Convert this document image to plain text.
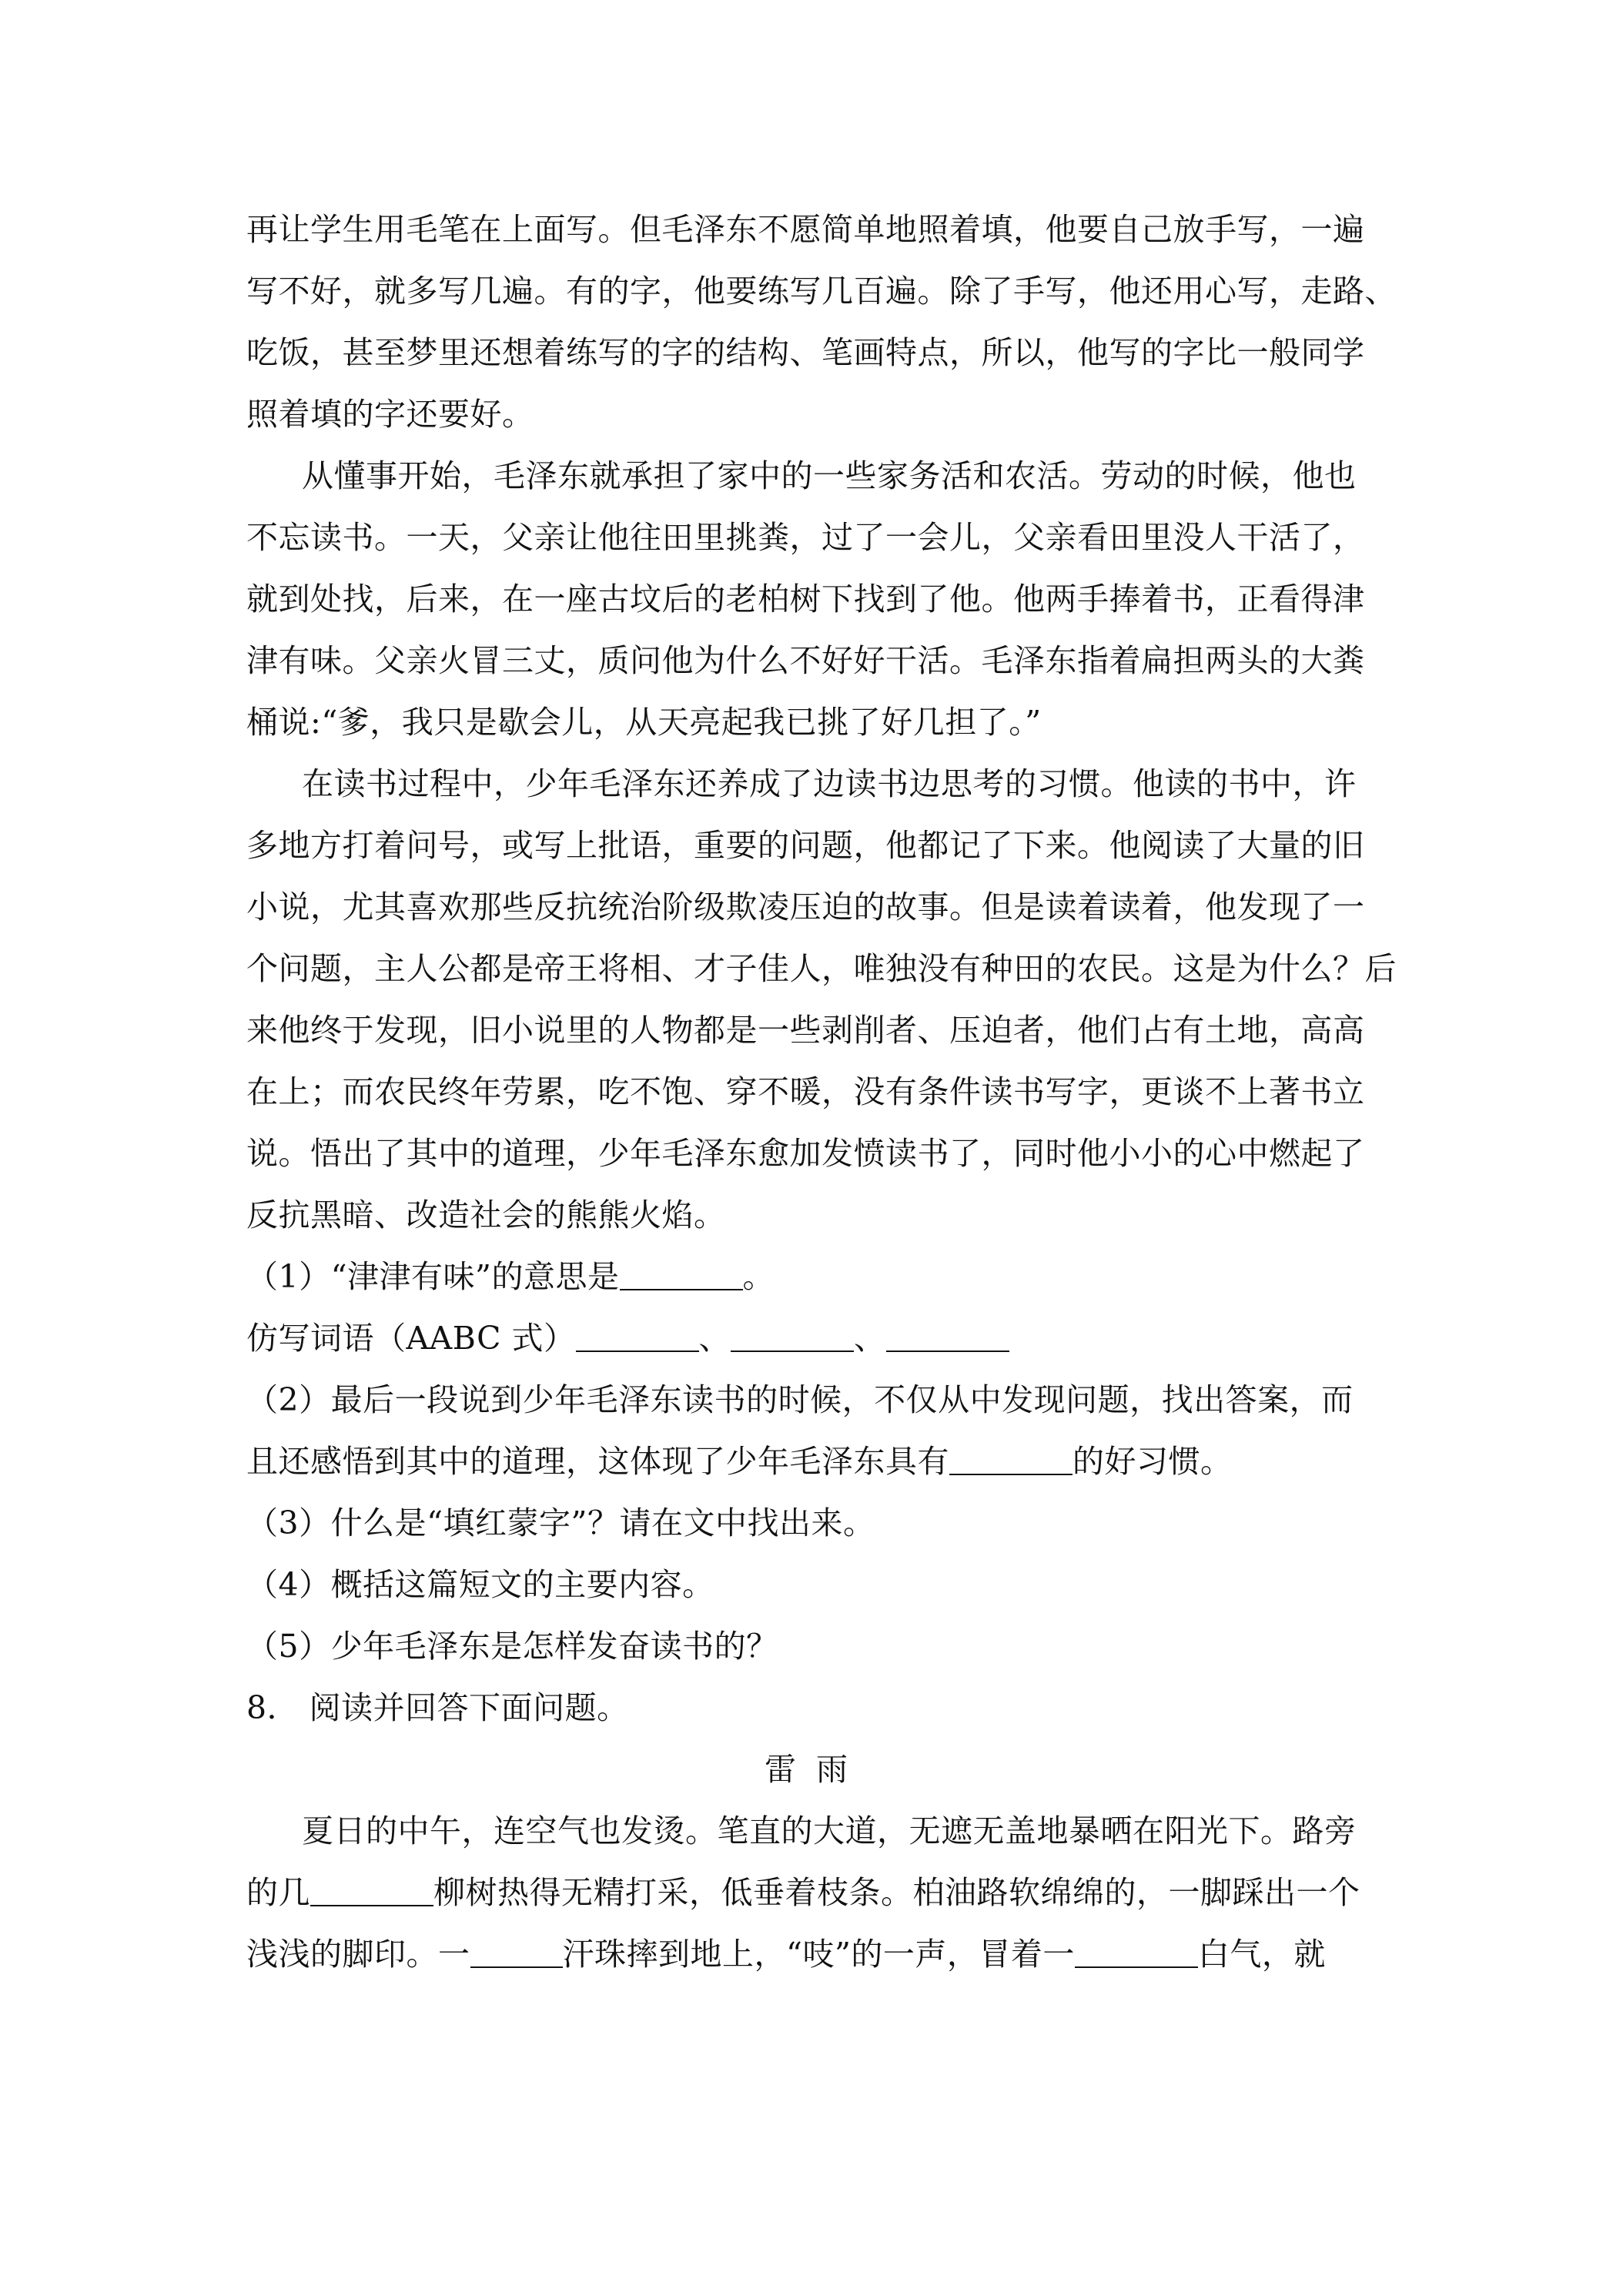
再让学生用毛笔在上面写。但毛泽东不愿简单地照着填，他要自己放手写，一遍
写不好，就多写几遍。有的字，他要练写几百遍。除了手写，他还用心写，走路、
吃饭，甚至梦里还想着练写的字的结构、笔画特点，所以，他写的字比一般同学
照着填的字还要好。
从懂事开始，毛泽东就承担了家中的一些家务活和农活。劳动的时候，他也
不忘读书。一天，父亲让他往田里挑粪，过了一会儿，父亲看田里没人干活了，
就到处找，后来，在一座古坟后的老柏树下找到了他。他两手捧着书，正看得津
津有味。父亲火冒三丈，质问他为什么不好好干活。毛泽东指着扁担两头的大粪
桶说:“爹，我只是歇会儿，从天亮起我已挑了好几担了。”
在读书过程中，少年毛泽东还养成了边读书边思考的习惯。他读的书中，许
多地方打着问号，或写上批语，重要的问题，他都记了下来。他阅读了大量的旧
小说，尤其喜欢那些反抗统治阶级欺凌压迫的故事。但是读着读着，他发现了一
个问题，主人公都是帝王将相、才子佳人，唯独没有种田的农民。这是为什么？后
来他终于发现，旧小说里的人物都是一些剥削者、压迫者，他们占有土地，高高
在上；而农民终年劳累，吃不饱、穿不暖，没有条件读书写字，更谈不上著书立
说。悟出了其中的道理，少年毛泽东愈加发愤读书了，同时他小小的心中燃起了
反抗黑暗、改造社会的熊熊火焰。
（1）“津津有味”的意思是	。
仿写词语（AABC 式）	、	、
（2）最后一段说到少年毛泽东读书的时候，不仅从中发现问题，找出答案，而
且还感悟到其中的道理，这体现了少年毛泽东具有	的好习惯。
（3）什么是“填红蒙字”？请在文中找出来。
（4）概括这篇短文的主要内容。
（5）少年毛泽东是怎样发奋读书的？
8． 阅读并回答下面问题。
雷雨
夏日的中午，连空气也发烫。笔直的大道，无遮无盖地暴晒在阳光下。路旁
的几	柳树热得无精打采，低垂着枝条。柏油路软绵绵的，一脚踩出一个
浅浅的脚印。一	汗珠摔到地上，“吱”的一声，冒着一	白气，就
